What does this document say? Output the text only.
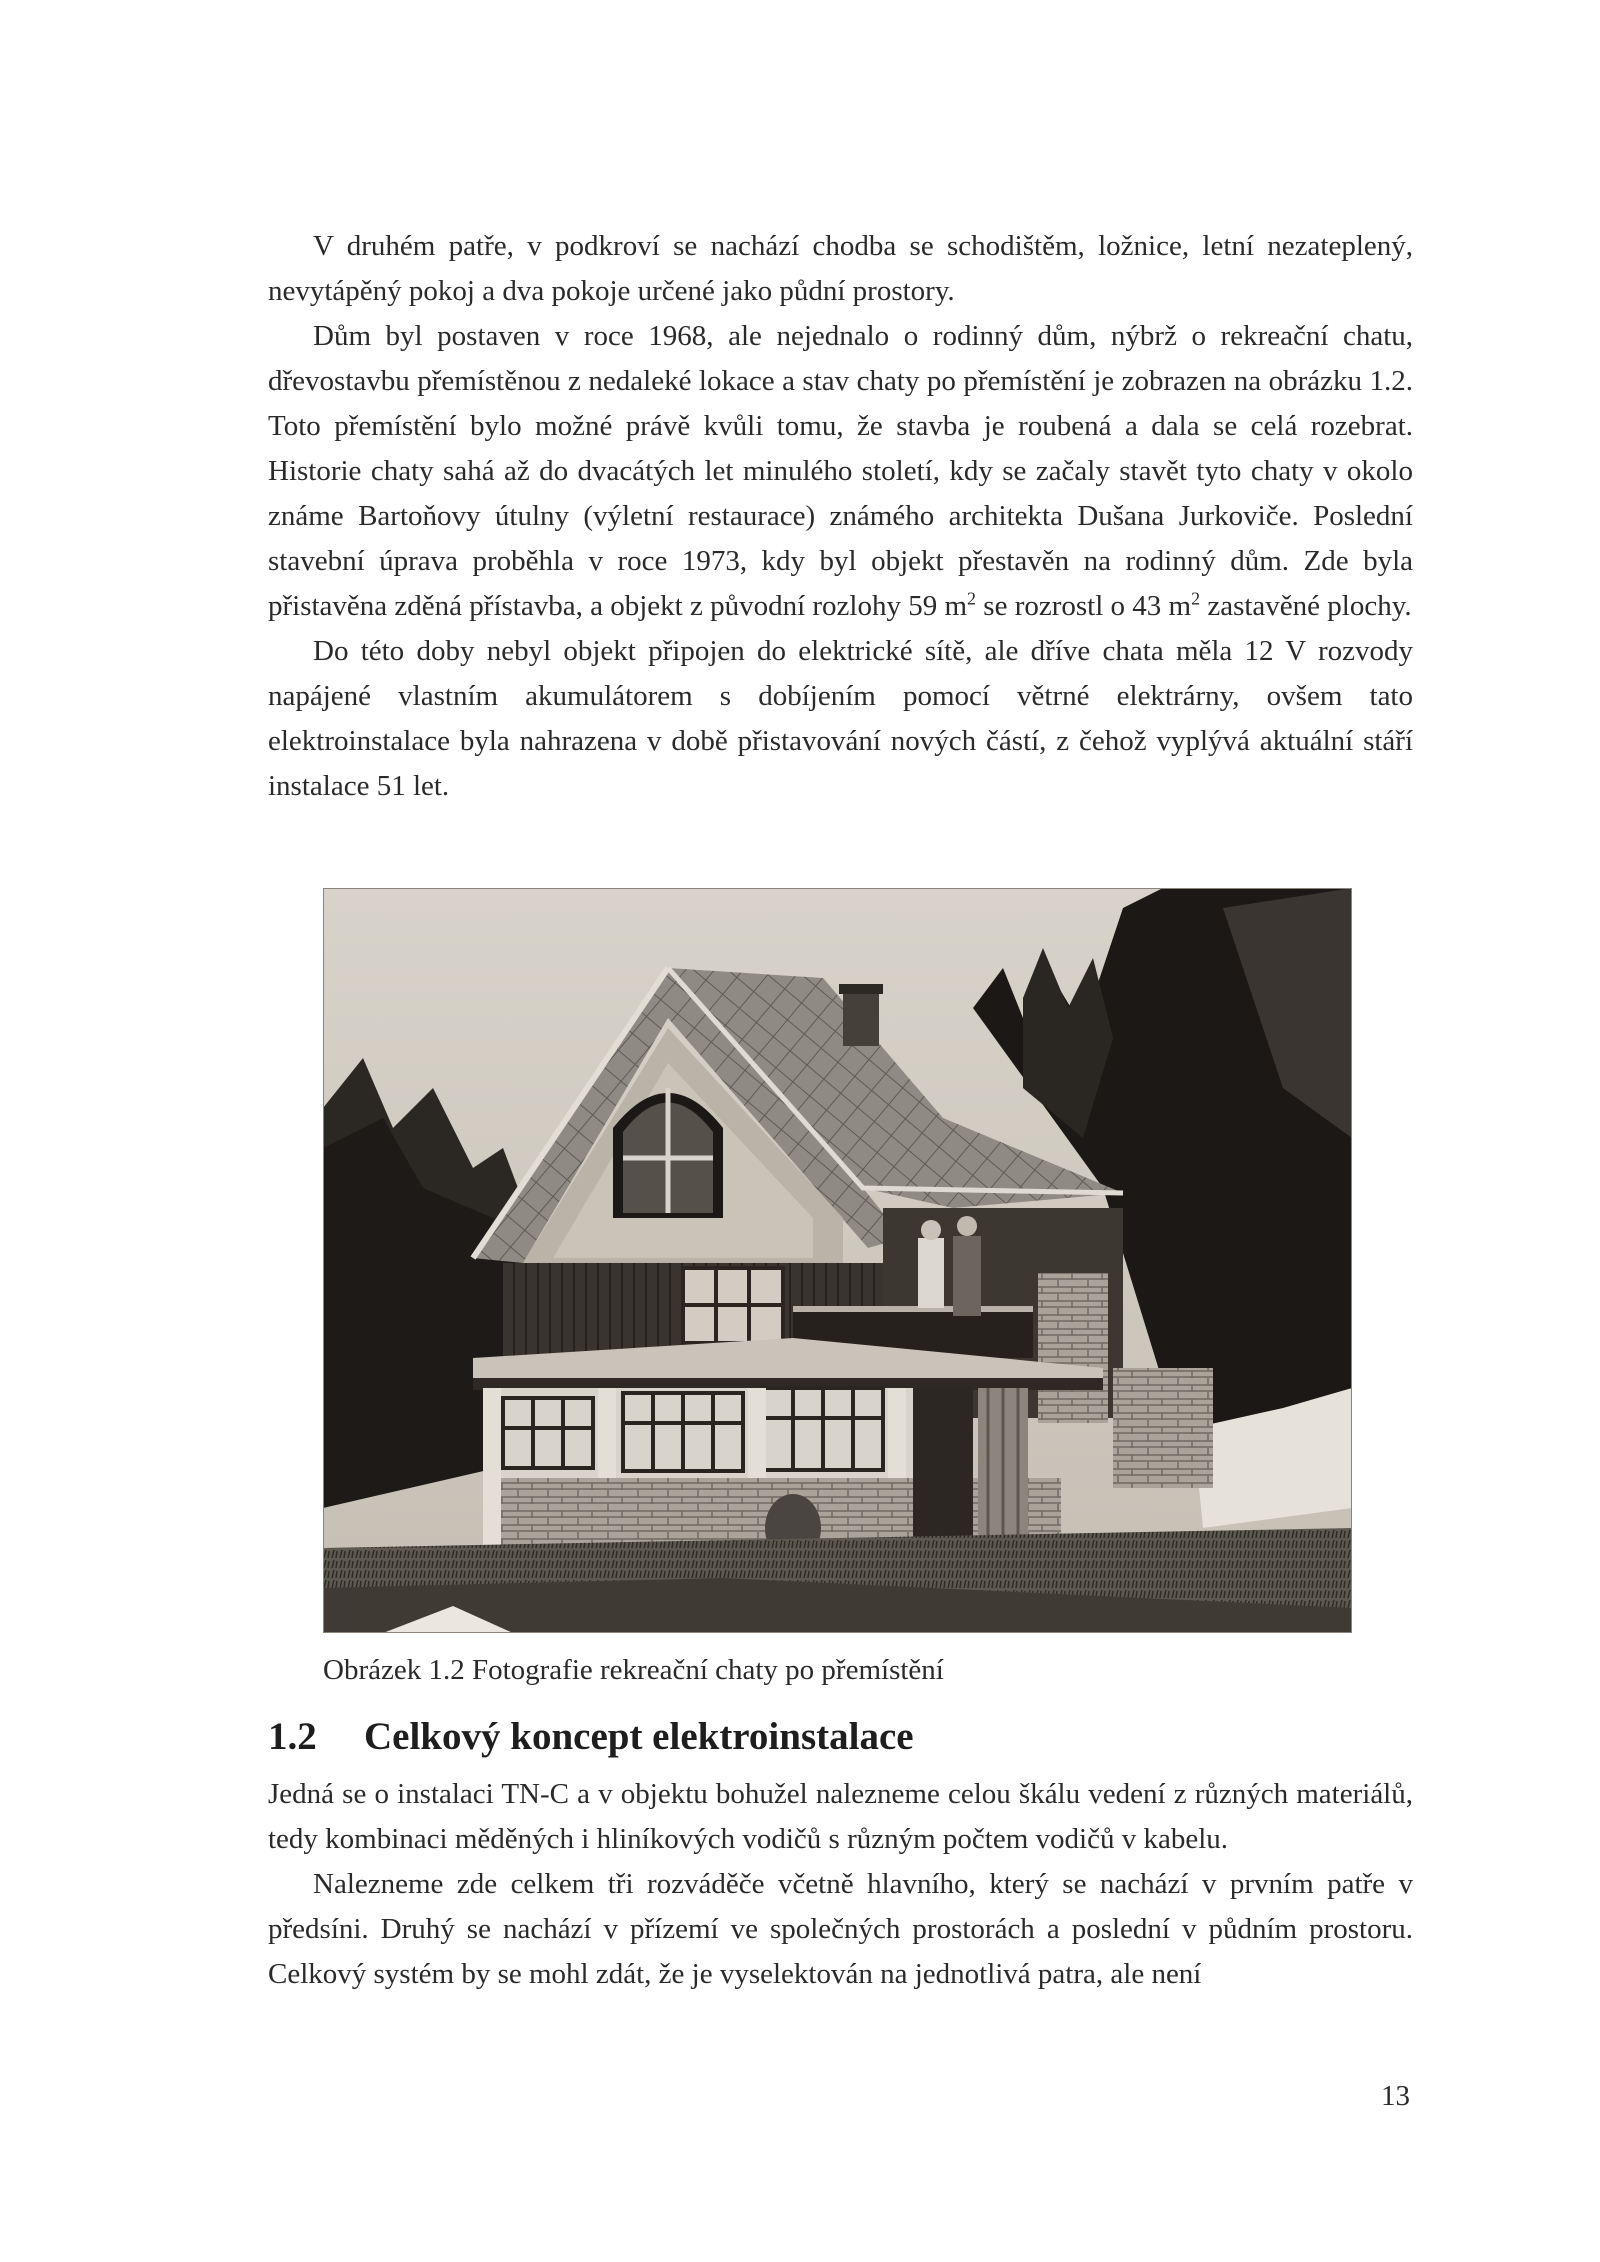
V druhém patře, v podkroví se nachází chodba se schodištěm, ložnice, letní nezateplený, nevytápěný pokoj a dva pokoje určené jako půdní prostory.

Dům byl postaven v roce 1968, ale nejednalo o rodinný dům, nýbrž o rekreační chatu, dřevostavbu přemístěnou z nedaleké lokace a stav chaty po přemístění je zobrazen na obrázku 1.2. Toto přemístění bylo možné právě kvůli tomu, že stavba je roubená a dala se celá rozebrat. Historie chaty sahá až do dvacátých let minulého století, kdy se začaly stavět tyto chaty v okolo známe Bartoňovy útulny (výletní restaurace) známého architekta Dušana Jurkoviče. Poslední stavební úprava proběhla v roce 1973, kdy byl objekt přestavěn na rodinný dům. Zde byla přistavěna zděná přístavba, a objekt z původní rozlohy 59 $m^2$ se rozrostl o 43 $m^2$ zastavěné plochy.

Do této doby nebyl objekt připojen do elektrické sítě, ale dříve chata měla 12 V rozvody napájené vlastním akumulátorem s dobíjením pomocí větrné elektrárny, ovšem tato elektroinstalace byla nahrazena v době přistavování nových částí, z čehož vyplývá aktuální stáří instalace 51 let.

Obrázek 1.2 Fotografie rekreační chaty po přemístění
1.2 Celkový koncept elektroinstalace

Jedná se o instalaci TN-C a v objektu bohužel nalezneme celou škálu vedení z různých materiálů, tedy kombinaci měděných i hliníkových vodičů s různým počtem vodičů v kabelu.

Nalezneme zde celkem tři rozváděče včetně hlavního, který se nachází v prvním patře v předsíni. Druhý se nachází v přízemí ve společných prostorách a poslední v půdním prostoru. Celkový systém by se mohl zdát, že je vyselektován na jednotlivá patra, ale není

13
